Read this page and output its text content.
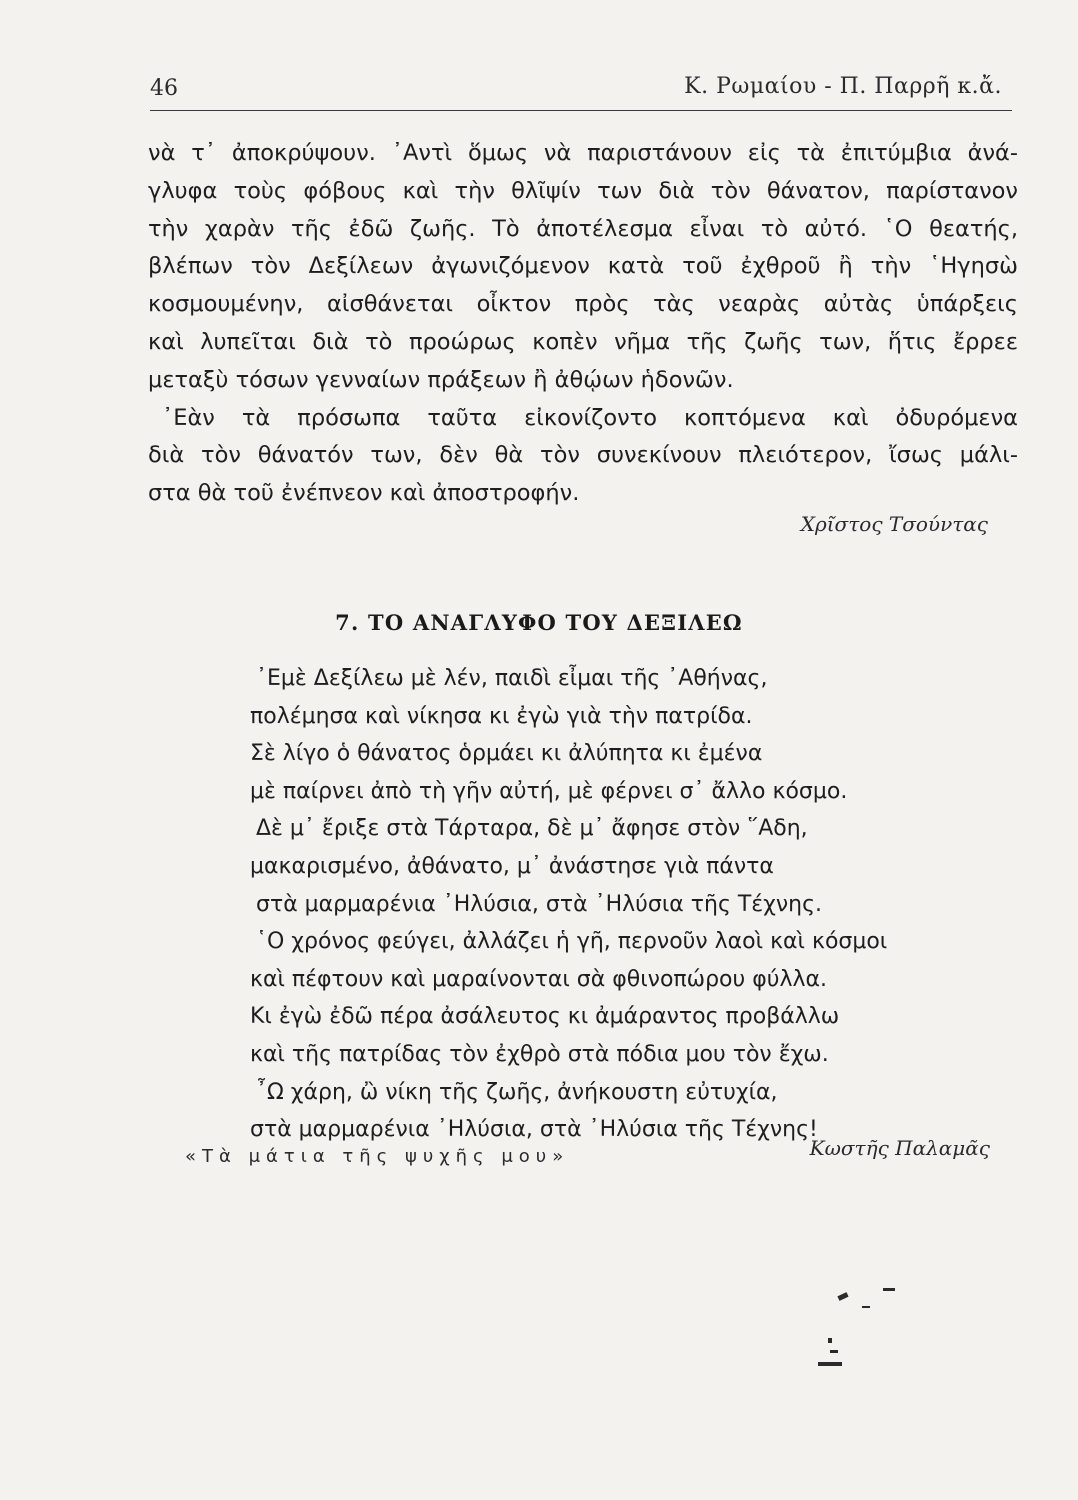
46	Κ. Ρωμαίου - Π. Παρρῆ κ.ἄ.
νὰ τ᾽ ἀποκρύψουν. ᾽Αντὶ ὅμως νὰ παριστάνουν εἰς τὰ ἐπιτύμβια ἀνά-
γλυφα τοὺς φόβους καὶ τὴν θλῖψίν των διὰ τὸν θάνατον, παρίστανον
τὴν χαρὰν τῆς ἐδῶ ζωῆς. Τὸ ἀποτέλεσμα εἶναι τὸ αὐτό. ῾Ο θεατής,
βλέπων τὸν Δεξίλεων ἀγωνιζόμενον κατὰ τοῦ ἐχθροῦ ἢ τὴν ῾Ηγησὼ
κοσμουμένην, αἰσθάνεται οἶκτον πρὸς τὰς νεαρὰς αὐτὰς ὑπάρξεις
καὶ λυπεῖται διὰ τὸ προώρως κοπὲν νῆμα τῆς ζωῆς των, ἥτις ἔρρεε
μεταξὺ τόσων γενναίων πράξεων ἢ ἀθῴων ἡδονῶν.
᾽Εὰν τὰ πρόσωπα ταῦτα εἰκονίζοντο κοπτόμενα καὶ ὀδυρόμενα
διὰ τὸν θάνατόν των, δὲν θὰ τὸν συνεκίνουν πλειότερον, ἴσως μάλι-
στα θὰ τοῦ ἐνέπνεον καὶ ἀποστροφήν.
Χρῖστος Τσούντας
7. ΤΟ ΑΝΑΓΛΥΦΟ ΤΟΥ ΔΕΞΙΛΕΩ
᾽Εμὲ Δεξίλεω μὲ λέν, παιδὶ εἶμαι τῆς ᾽Αθήνας,
πολέμησα καὶ νίκησα κι ἐγὼ γιὰ τὴν πατρίδα.
Σὲ λίγο ὁ θάνατος ὁρμάει κι ἀλύπητα κι ἐμένα
μὲ παίρνει ἀπὸ τὴ γῆν αὐτή, μὲ φέρνει σ᾽ ἄλλο κόσμο.
Δὲ μ᾽ ἔριξε στὰ Τάρταρα, δὲ μ᾽ ἄφησε στὸν ῞Αδη,
μακαρισμένο, ἀθάνατο, μ᾽ ἀνάστησε γιὰ πάντα
στὰ μαρμαρένια ᾽Ηλύσια, στὰ ᾽Ηλύσια τῆς Τέχνης.
῾Ο χρόνος φεύγει, ἀλλάζει ἡ γῆ, περνοῦν λαοὶ καὶ κόσμοι
καὶ πέφτουν καὶ μαραίνονται σὰ φθινοπώρου φύλλα.
Κι ἐγὼ ἐδῶ πέρα ἀσάλευτος κι ἀμάραντος προβάλλω
καὶ τῆς πατρίδας τὸν ἐχθρὸ στὰ πόδια μου τὸν ἔχω.
῏Ω χάρη, ὢ νίκη τῆς ζωῆς, ἀνήκουστη εὐτυχία,
στὰ μαρμαρένια ᾽Ηλύσια, στὰ ᾽Ηλύσια τῆς Τέχνης!
«Τὰ μάτια τῆς ψυχῆς μου»	Κωστῆς Παλαμᾶς
